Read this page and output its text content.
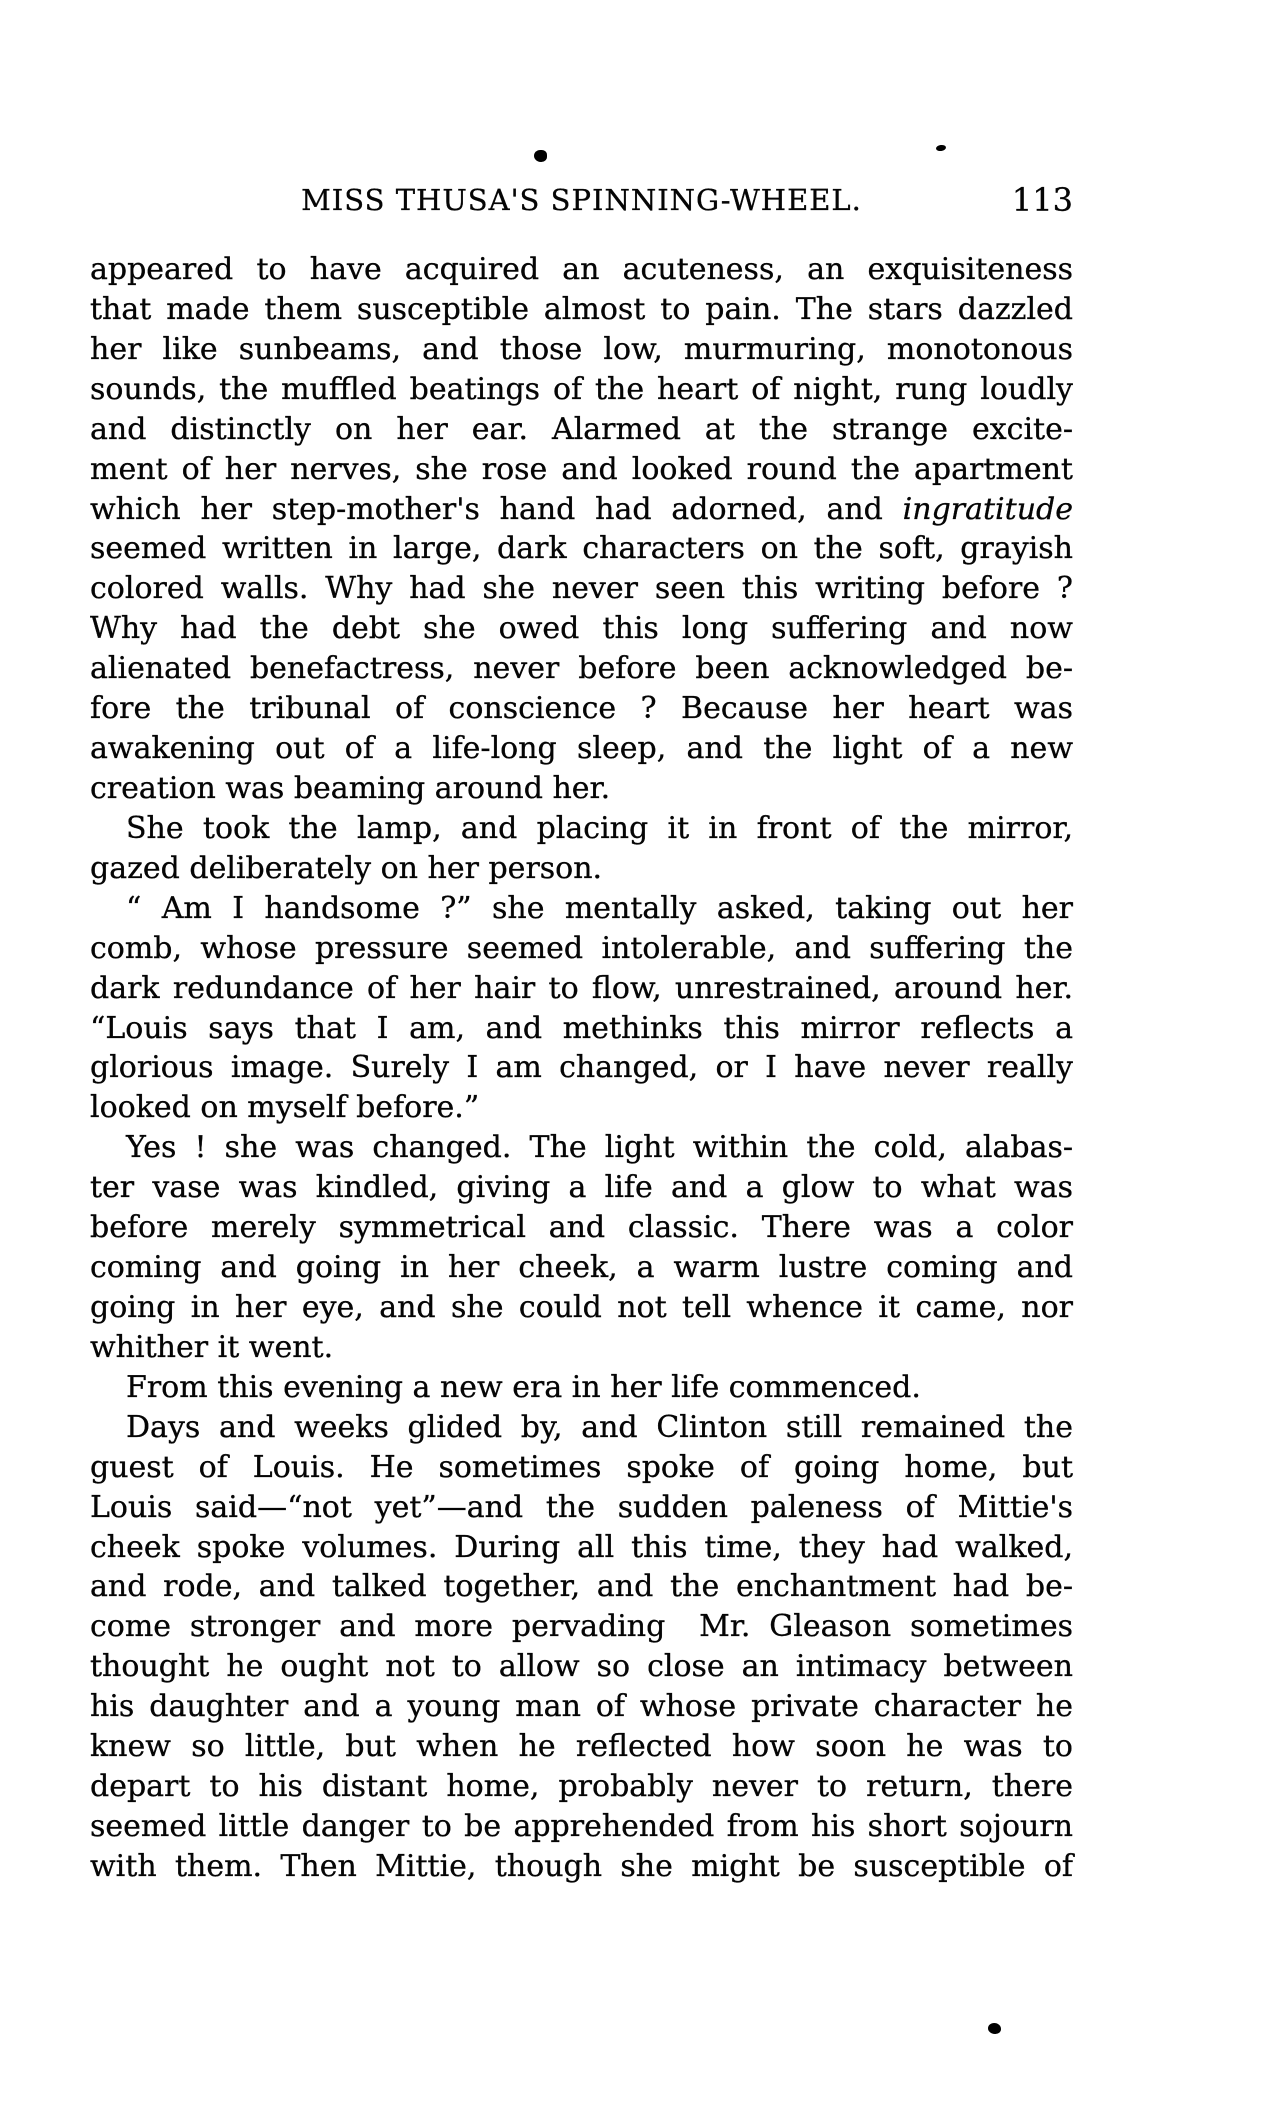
MISS THUSA'S SPINNING-WHEEL.	113
appeared to have acquired an acuteness, an exquisiteness
that made them susceptible almost to pain. The stars dazzled
her like sunbeams, and those low, murmuring, monotonous
sounds, the muffled beatings of the heart of night, rung loudly
and distinctly on her ear. Alarmed at the strange excite-
ment of her nerves, she rose and looked round the apartment
which her step-mother's hand had adorned, and ingratitude
seemed written in large, dark characters on the soft, grayish
colored walls. Why had she never seen this writing before ?
Why had the debt she owed this long suffering and now
alienated benefactress, never before been acknowledged be-
fore the tribunal of conscience ? Because her heart was
awakening out of a life-long sleep, and the light of a new
creation was beaming around her.
She took the lamp, and placing it in front of the mirror,
gazed deliberately on her person.
“ Am I handsome ?” she mentally asked, taking out her
comb, whose pressure seemed intolerable, and suffering the
dark redundance of her hair to flow, unrestrained, around her.
“Louis says that I am, and methinks this mirror reflects a
glorious image. Surely I am changed, or I have never really
looked on myself before.”
Yes ! she was changed. The light within the cold, alabas-
ter vase was kindled, giving a life and a glow to what was
before merely symmetrical and classic. There was a color
coming and going in her cheek, a warm lustre coming and
going in her eye, and she could not tell whence it came, nor
whither it went.
From this evening a new era in her life commenced.
Days and weeks glided by, and Clinton still remained the
guest of Louis. He sometimes spoke of going home, but
Louis said—“not yet”—and the sudden paleness of Mittie's
cheek spoke volumes. During all this time, they had walked,
and rode, and talked together, and the enchantment had be-
come stronger and more pervading  Mr. Gleason sometimes
thought he ought not to allow so close an intimacy between
his daughter and a young man of whose private character he
knew so little, but when he reflected how soon he was to
depart to his distant home, probably never to return, there
seemed little danger to be apprehended from his short sojourn
with them. Then Mittie, though she might be susceptible of
